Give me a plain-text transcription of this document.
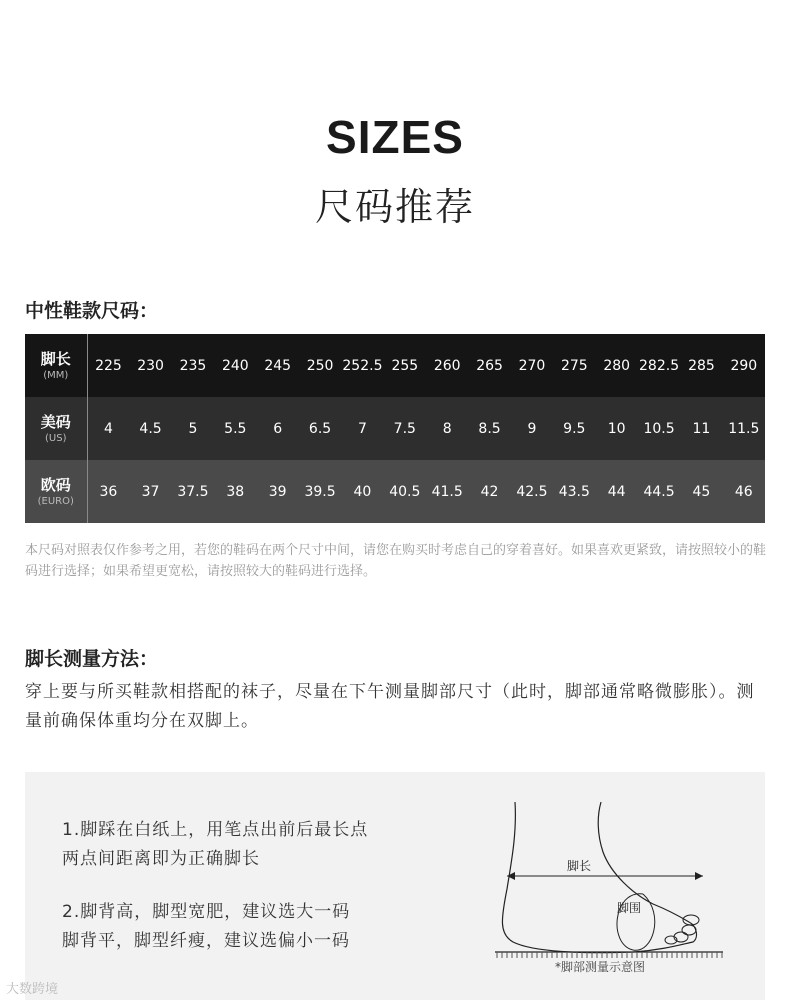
SIZES
尺码推荐
中性鞋款尺码：
脚长
(MM)	225	230	235	240	245	250	252.5	255	260	265	270	275	280	282.5	285	290

美码
(US)	4	4.5	5	5.5	6	6.5	7	7.5	8	8.5	9	9.5	10	10.5	11	11.5

欧码
(EURO)	36	37	37.5	38	39	39.5	40	40.5	41.5	42	42.5	43.5	44	44.5	45	46
本尺码对照表仅作参考之用，若您的鞋码在两个尺寸中间，请您在购买时考虑自己的穿着喜好。如果喜欢更紧致，请按照较小的鞋码进行选择；如果希望更宽松，请按照较大的鞋码进行选择。
脚长测量方法：
穿上要与所买鞋款相搭配的袜子，尽量在下午测量脚部尺寸（此时，脚部通常略微膨胀）。测量前确保体重均分在双脚上。
1.脚踩在白纸上，用笔点出前后最长点
两点间距离即为正确脚长
2.脚背高，脚型宽肥，建议选大一码
脚背平，脚型纤瘦，建议选偏小一码
脚长
脚围
*脚部测量示意图
大数跨境
